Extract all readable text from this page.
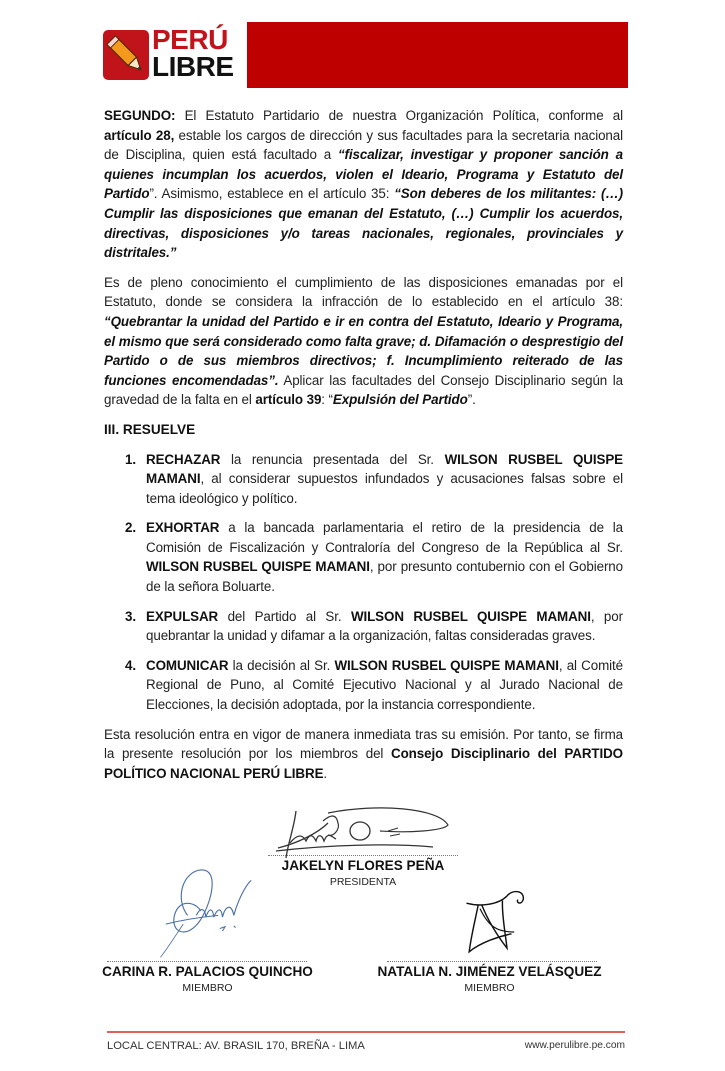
PERÚ
LIBRE

SEGUNDO: El Estatuto Partidario de nuestra Organización Política, conforme al artículo 28, estable los cargos de dirección y sus facultades para la secretaria nacional de Disciplina, quien está facultado a “fiscalizar, investigar y proponer sanción a quienes incumplan los acuerdos, violen el Ideario, Programa y Estatuto del Partido”. Asimismo, establece en el artículo 35: “Son deberes de los militantes: (…) Cumplir las disposiciones que emanan del Estatuto, (…) Cumplir los acuerdos, directivas, disposiciones y/o tareas nacionales, regionales, provinciales y distritales.”

Es de pleno conocimiento el cumplimiento de las disposiciones emanadas por el Estatuto, donde se considera la infracción de lo establecido en el artículo 38: “Quebrantar la unidad del Partido e ir en contra del Estatuto, Ideario y Programa, el mismo que será considerado como falta grave; d. Difamación o desprestigio del Partido o de sus miembros directivos; f. Incumplimiento reiterado de las funciones encomendadas”. Aplicar las facultades del Consejo Disciplinario según la gravedad de la falta en el artículo 39: “Expulsión del Partido”.

III. RESUELVE
1. RECHAZAR la renuncia presentada del Sr. WILSON RUSBEL QUISPE MAMANI, al considerar supuestos infundados y acusaciones falsas sobre el tema ideológico y político.
2. EXHORTAR a la bancada parlamentaria el retiro de la presidencia de la Comisión de Fiscalización y Contraloría del Congreso de la República al Sr. WILSON RUSBEL QUISPE MAMANI, por presunto contubernio con el Gobierno de la señora Boluarte.
3. EXPULSAR del Partido al Sr. WILSON RUSBEL QUISPE MAMANI, por quebrantar la unidad y difamar a la organización, faltas consideradas graves.
4. COMUNICAR la decisión al Sr. WILSON RUSBEL QUISPE MAMANI, al Comité Regional de Puno, al Comité Ejecutivo Nacional y al Jurado Nacional de Elecciones, la decisión adoptada, por la instancia correspondiente.

Esta resolución entra en vigor de manera inmediata tras su emisión. Por tanto, se firma la presente resolución por los miembros del Consejo Disciplinario del PARTIDO POLÍTICO NACIONAL PERÚ LIBRE.

JAKELYN FLORES PEÑA
PRESIDENTA
CARINA R. PALACIOS QUINCHO
MIEMBRO
NATALIA N. JIMÉNEZ VELÁSQUEZ
MIEMBRO
LOCAL CENTRAL: AV. BRASIL 170, BREÑA - LIMA	www.perulibre.pe.com
